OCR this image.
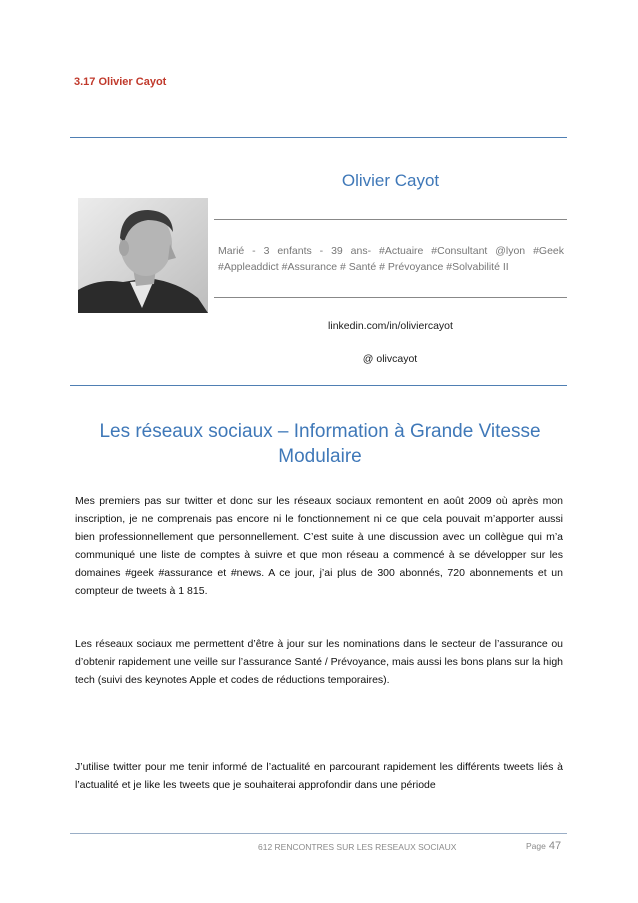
3.17 Olivier Cayot
Olivier Cayot
Marié - 3 enfants - 39 ans- #Actuaire #Consultant @lyon #Geek #Appleaddict #Assurance # Santé # Prévoyance #Solvabilité II
linkedin.com/in/oliviercayot
@ olivcayot
Les réseaux sociaux – Information à Grande Vitesse Modulaire
Mes premiers pas sur twitter et donc sur les réseaux sociaux remontent en août 2009 où après mon inscription, je ne comprenais pas encore ni le fonctionnement ni ce que cela pouvait m’apporter aussi bien professionnellement que personnellement. C’est suite à une discussion avec un collègue qui m’a communiqué une liste de comptes à suivre et que mon réseau a commencé à se développer sur les domaines #geek #assurance et #news. A ce jour, j’ai plus de 300 abonnés, 720 abonnements et un compteur de tweets à 1 815.
Les réseaux sociaux me permettent d’être à jour sur les nominations dans le secteur de l’assurance ou d’obtenir rapidement une veille sur l’assurance Santé / Prévoyance, mais aussi les bons plans sur la high tech (suivi des keynotes Apple et codes de réductions temporaires).
J’utilise twitter pour me tenir informé de l’actualité en parcourant rapidement les différents tweets liés à l’actualité et je like les tweets que je souhaiterai approfondir dans une période
612 RENCONTRES SUR LES RESEAUX SOCIAUX	Page 47
